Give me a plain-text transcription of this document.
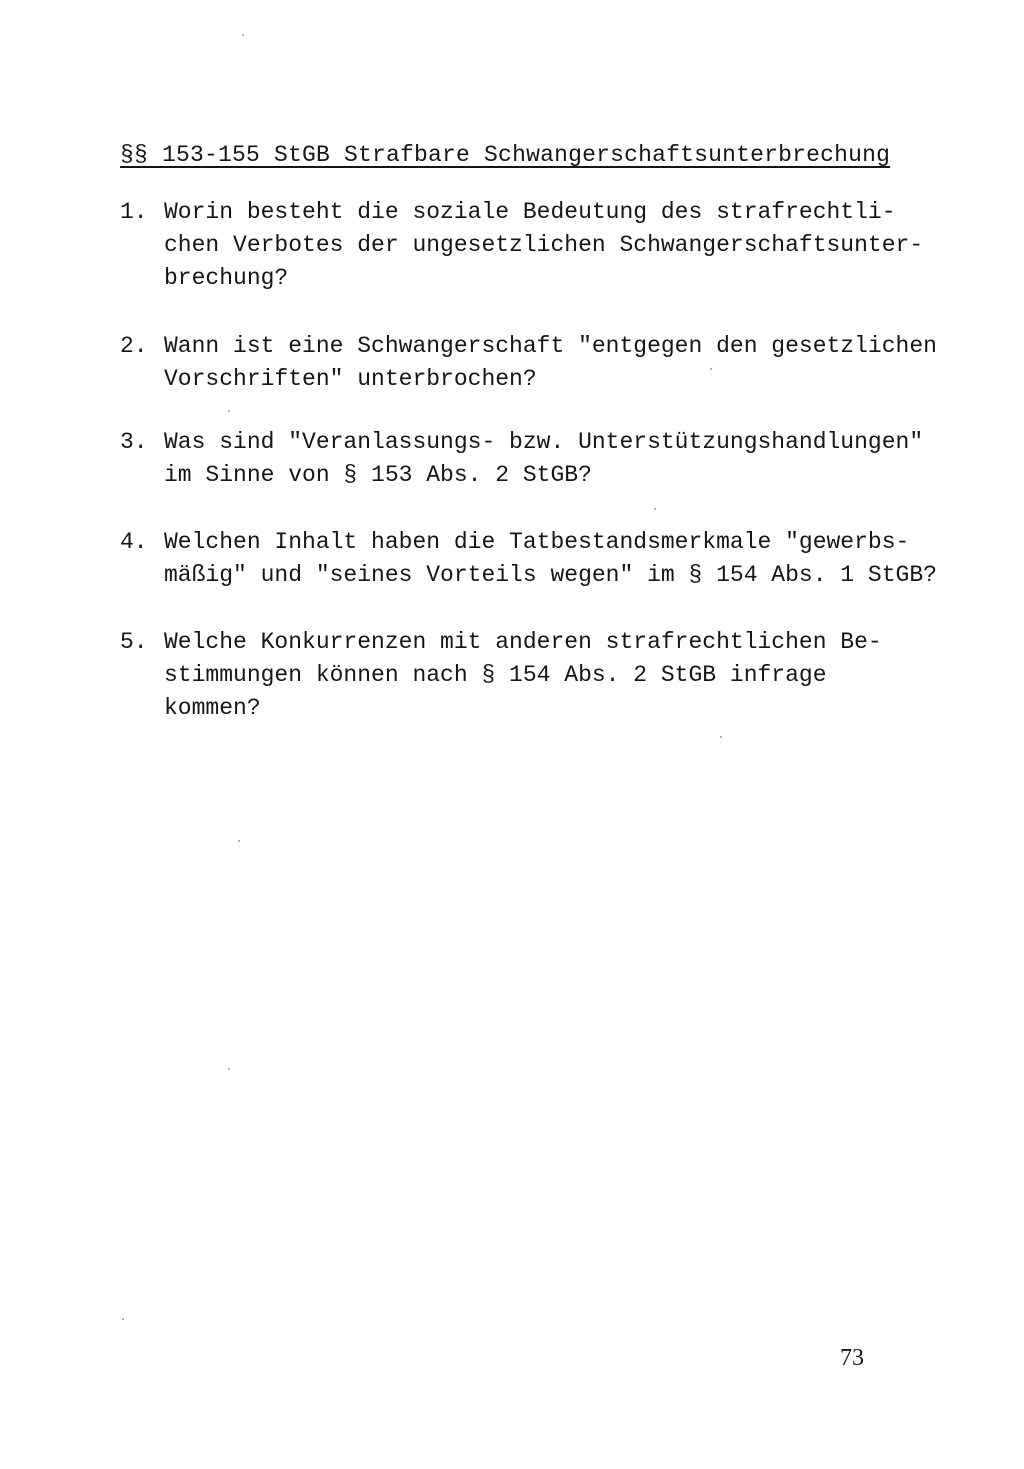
§§ 153-155 StGB Strafbare Schwangerschaftsunterbrechung
1. Worin besteht die soziale Bedeutung des strafrechtli-
chen Verbotes der ungesetzlichen Schwangerschaftsunter-
brechung?
2. Wann ist eine Schwangerschaft "entgegen den gesetzlichen
Vorschriften" unterbrochen?
3. Was sind "Veranlassungs- bzw. Unterstützungshandlungen"
im Sinne von § 153 Abs. 2 StGB?
4. Welchen Inhalt haben die Tatbestandsmerkmale "gewerbs-
mäßig" und "seines Vorteils wegen" im § 154 Abs. 1 StGB?
5. Welche Konkurrenzen mit anderen strafrechtlichen Be-
stimmungen können nach § 154 Abs. 2 StGB infrage
kommen?
73
